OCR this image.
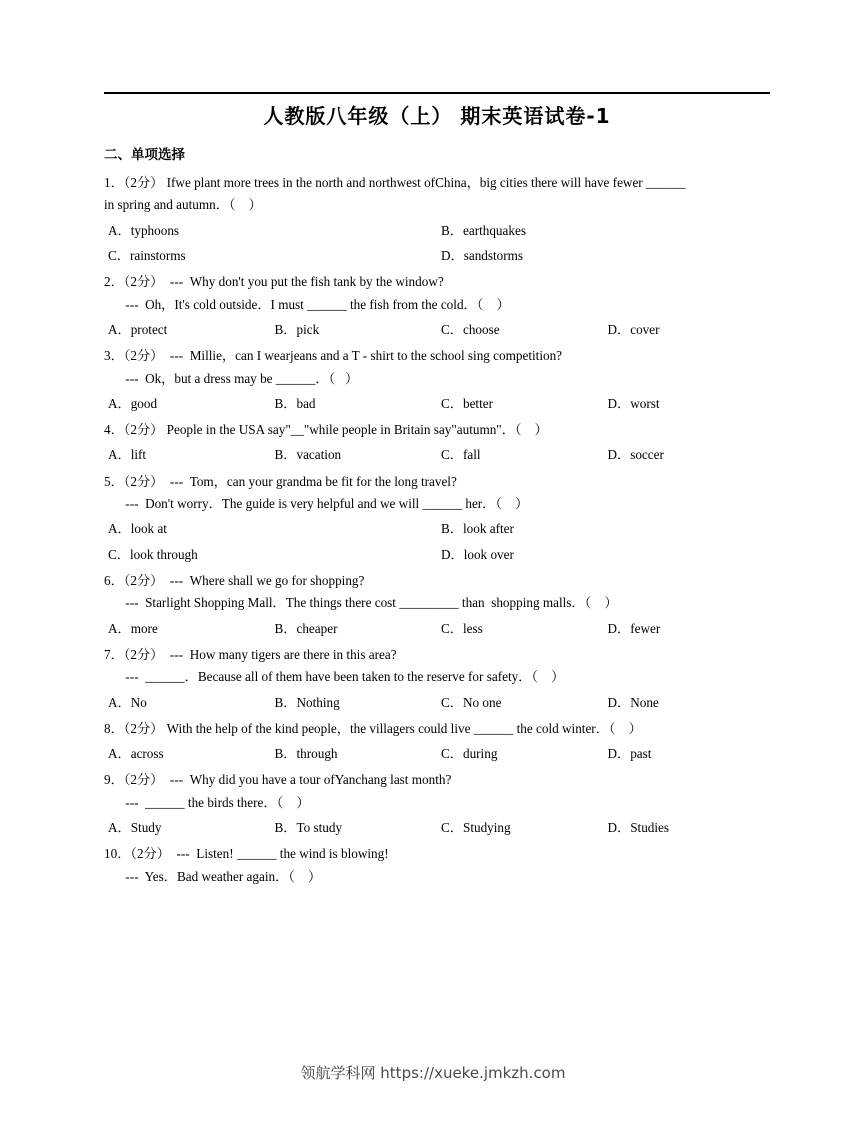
人教版八年级（上） 期末英语试卷-1
二、单项选择
1．（2分） Ifwe plant more trees in the north and northwest ofChina，big cities there will have fewer ______
in spring and autumn．（    ）
A．typhoons	B．earthquakes
C．rainstorms	D．sandstorms
2．（2分）  ---  Why don't you put the fish tank by the window?
---  Oh，It's cold outside．I must ______ the fish from the cold．（    ）
A．protect	B．pick	C．choose	D．cover
3．（2分）  ---  Millie，can I wearjeans and a T - shirt to the school sing competition?
---  Ok，but a dress may be ______．（   ）
A．good	B．bad	C．better	D．worst
4．（2分） People in the USA say"__"while people in Britain say"autumn"．（    ）
A．lift	B．vacation	C．fall	D．soccer
5．（2分）  ---  Tom，can your grandma be fit for the long travel?
---  Don't worry．The guide is very helpful and we will ______ her．（    ）
A．look at	B．look after
C．look through	D．look over
6．（2分）  ---  Where shall we go for shopping?
---  Starlight Shopping Mall．The things there cost _________ than  shopping malls．（    ）
A．more	B．cheaper	C．less	D．fewer
7．（2分）  ---  How many tigers are there in this area?
---  ______．Because all of them have been taken to the reserve for safety．（    ）
A．No	B．Nothing	C．No one	D．None
8．（2分） With the help of the kind people，the villagers could live ______ the cold winter．（    ）
A．across	B．through	C．during	D．past
9．（2分）  ---  Why did you have a tour ofYanchang last month?
---  ______ the birds there．（    ）
A．Study	B．To study	C．Studying	D．Studies
10．（2分）  ---  Listen! ______ the wind is blowing!
---  Yes．Bad weather again．（    ）
领航学科网 https://xueke.jmkzh.com
